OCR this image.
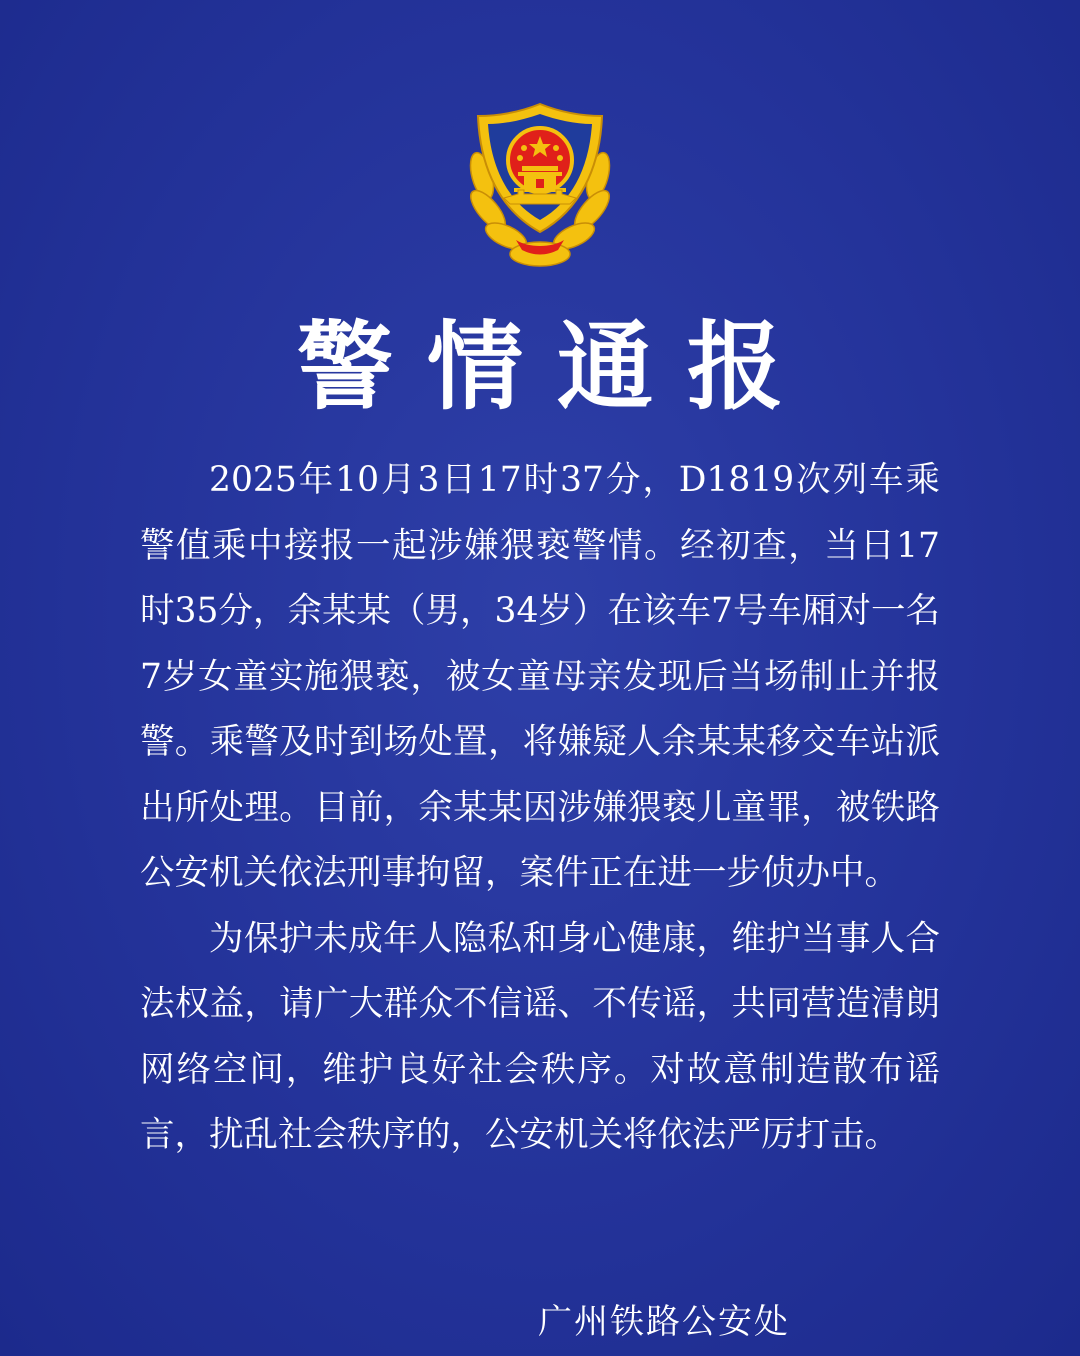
警情通报

2025年10月3日17时37分，D1819次列车乘警值乘中接报一起涉嫌猥亵警情。经初查，当日17时35分，余某某（男，34岁）在该车7号车厢对一名7岁女童实施猥亵，被女童母亲发现后当场制止并报警。乘警及时到场处置，将嫌疑人余某某移交车站派出所处理。目前，余某某因涉嫌猥亵儿童罪，被铁路公安机关依法刑事拘留，案件正在进一步侦办中。

为保护未成年人隐私和身心健康，维护当事人合法权益，请广大群众不信谣、不传谣，共同营造清朗网络空间，维护良好社会秩序。对故意制造散布谣言，扰乱社会秩序的，公安机关将依法严厉打击。

广州铁路公安处
